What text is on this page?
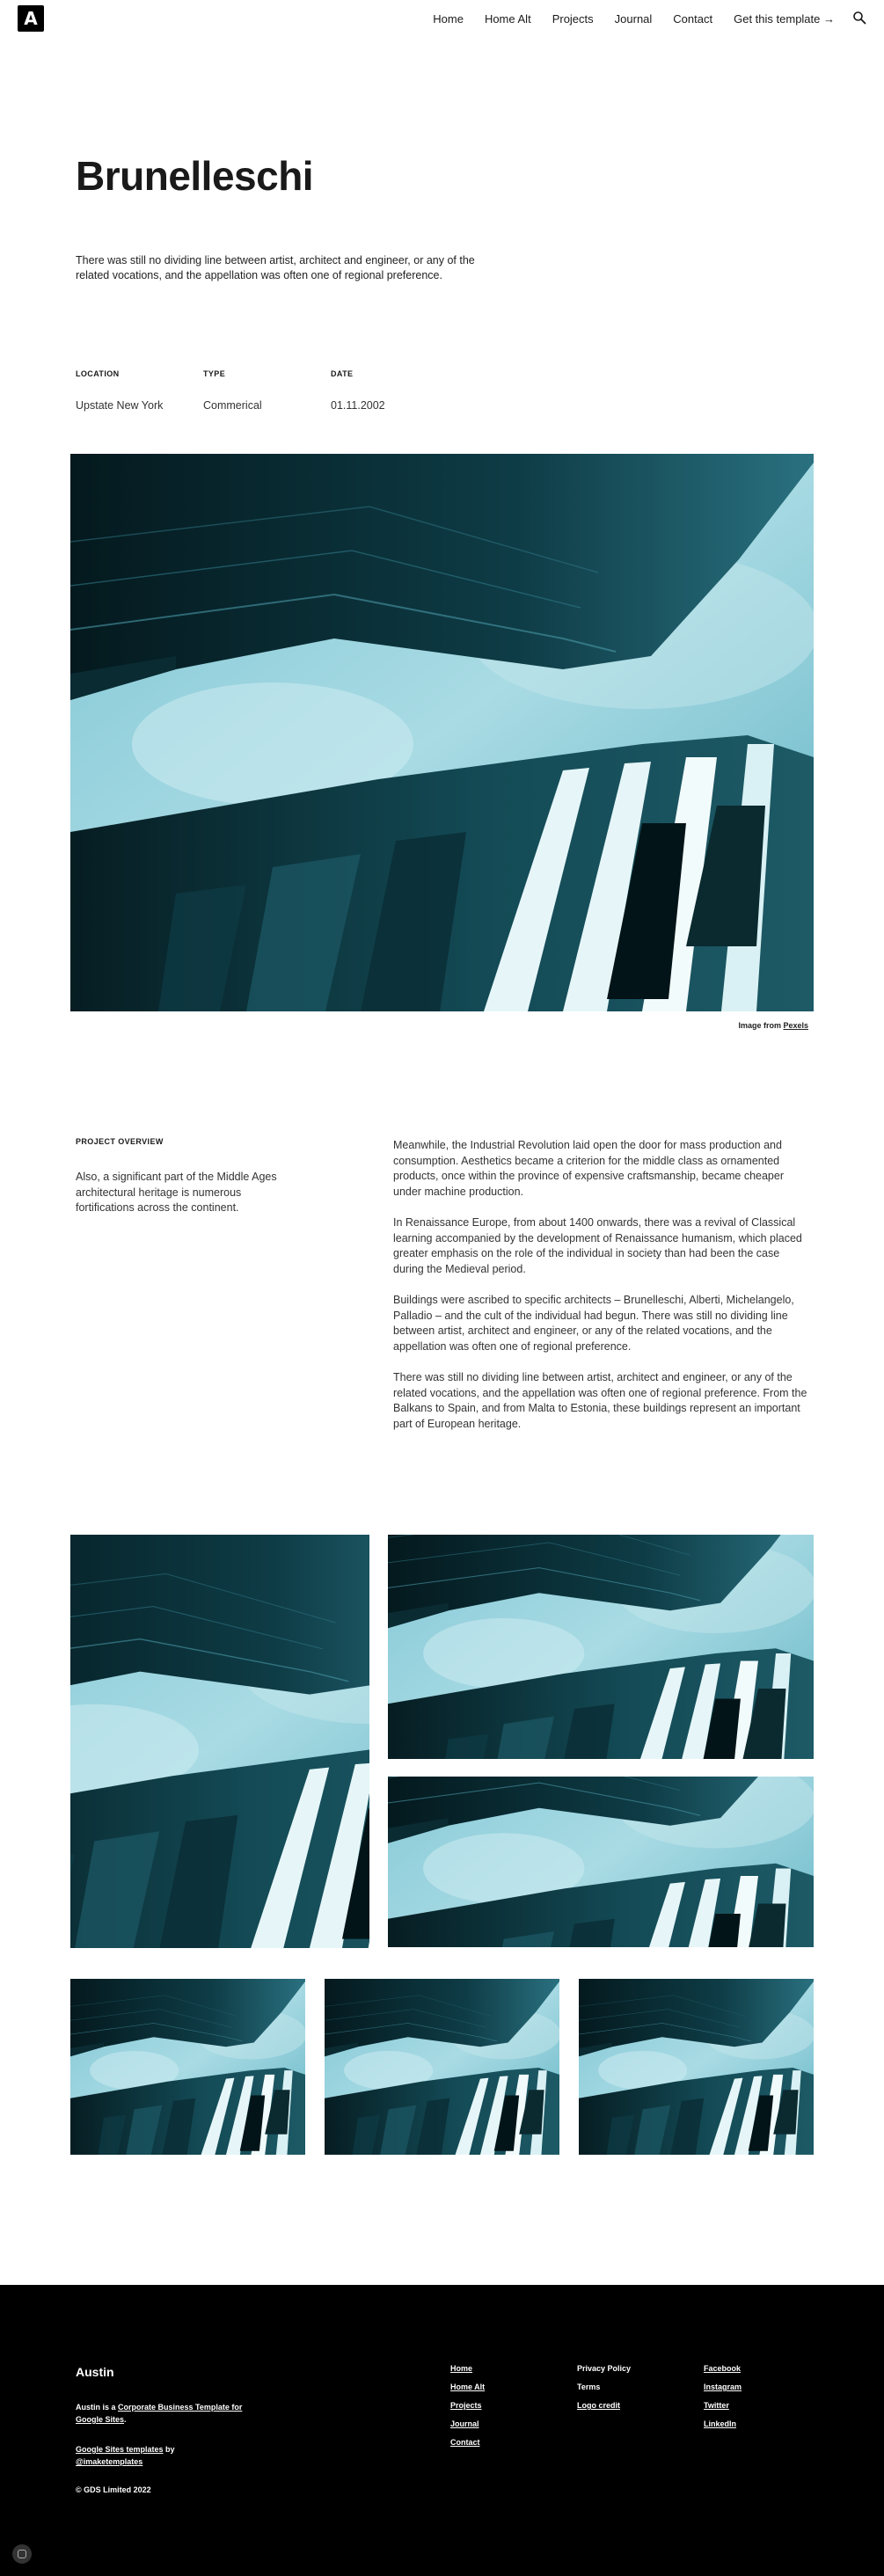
A	Home Home Alt Projects Journal Contact Get this template →
Brunelleschi

There was still no dividing line between artist, architect and engineer, or any of the related vocations, and the appellation was often one of regional preference.

LOCATION
Upstate New York
TYPE
Commerical
DATE
01.11.2002
Image from Pexels
PROJECT OVERVIEW

Also, a significant part of the Middle Ages architectural heritage is numerous fortifications across the continent.

Meanwhile, the Industrial Revolution laid open the door for mass production and consumption. Aesthetics became a criterion for the middle class as ornamented products, once within the province of expensive craftsmanship, became cheaper under machine production.

In Renaissance Europe, from about 1400 onwards, there was a revival of Classical learning accompanied by the development of Renaissance humanism, which placed greater emphasis on the role of the individual in society than had been the case during the Medieval period.

Buildings were ascribed to specific architects – Brunelleschi, Alberti, Michelangelo, Palladio – and the cult of the individual had begun. There was still no dividing line between artist, architect and engineer, or any of the related vocations, and the appellation was often one of regional preference.

There was still no dividing line between artist, architect and engineer, or any of the related vocations, and the appellation was often one of regional preference. From the Balkans to Spain, and from Malta to Estonia, these buildings represent an important part of European heritage.

Austin
Austin is a Corporate Business Template for Google Sites.
Google Sites templates by
@imaketemplates
© GDS Limited 2022
Home
Home Alt
Projects
Journal
Contact
Privacy Policy
Terms
Logo credit
Facebook
Instagram
Twitter
LinkedIn
